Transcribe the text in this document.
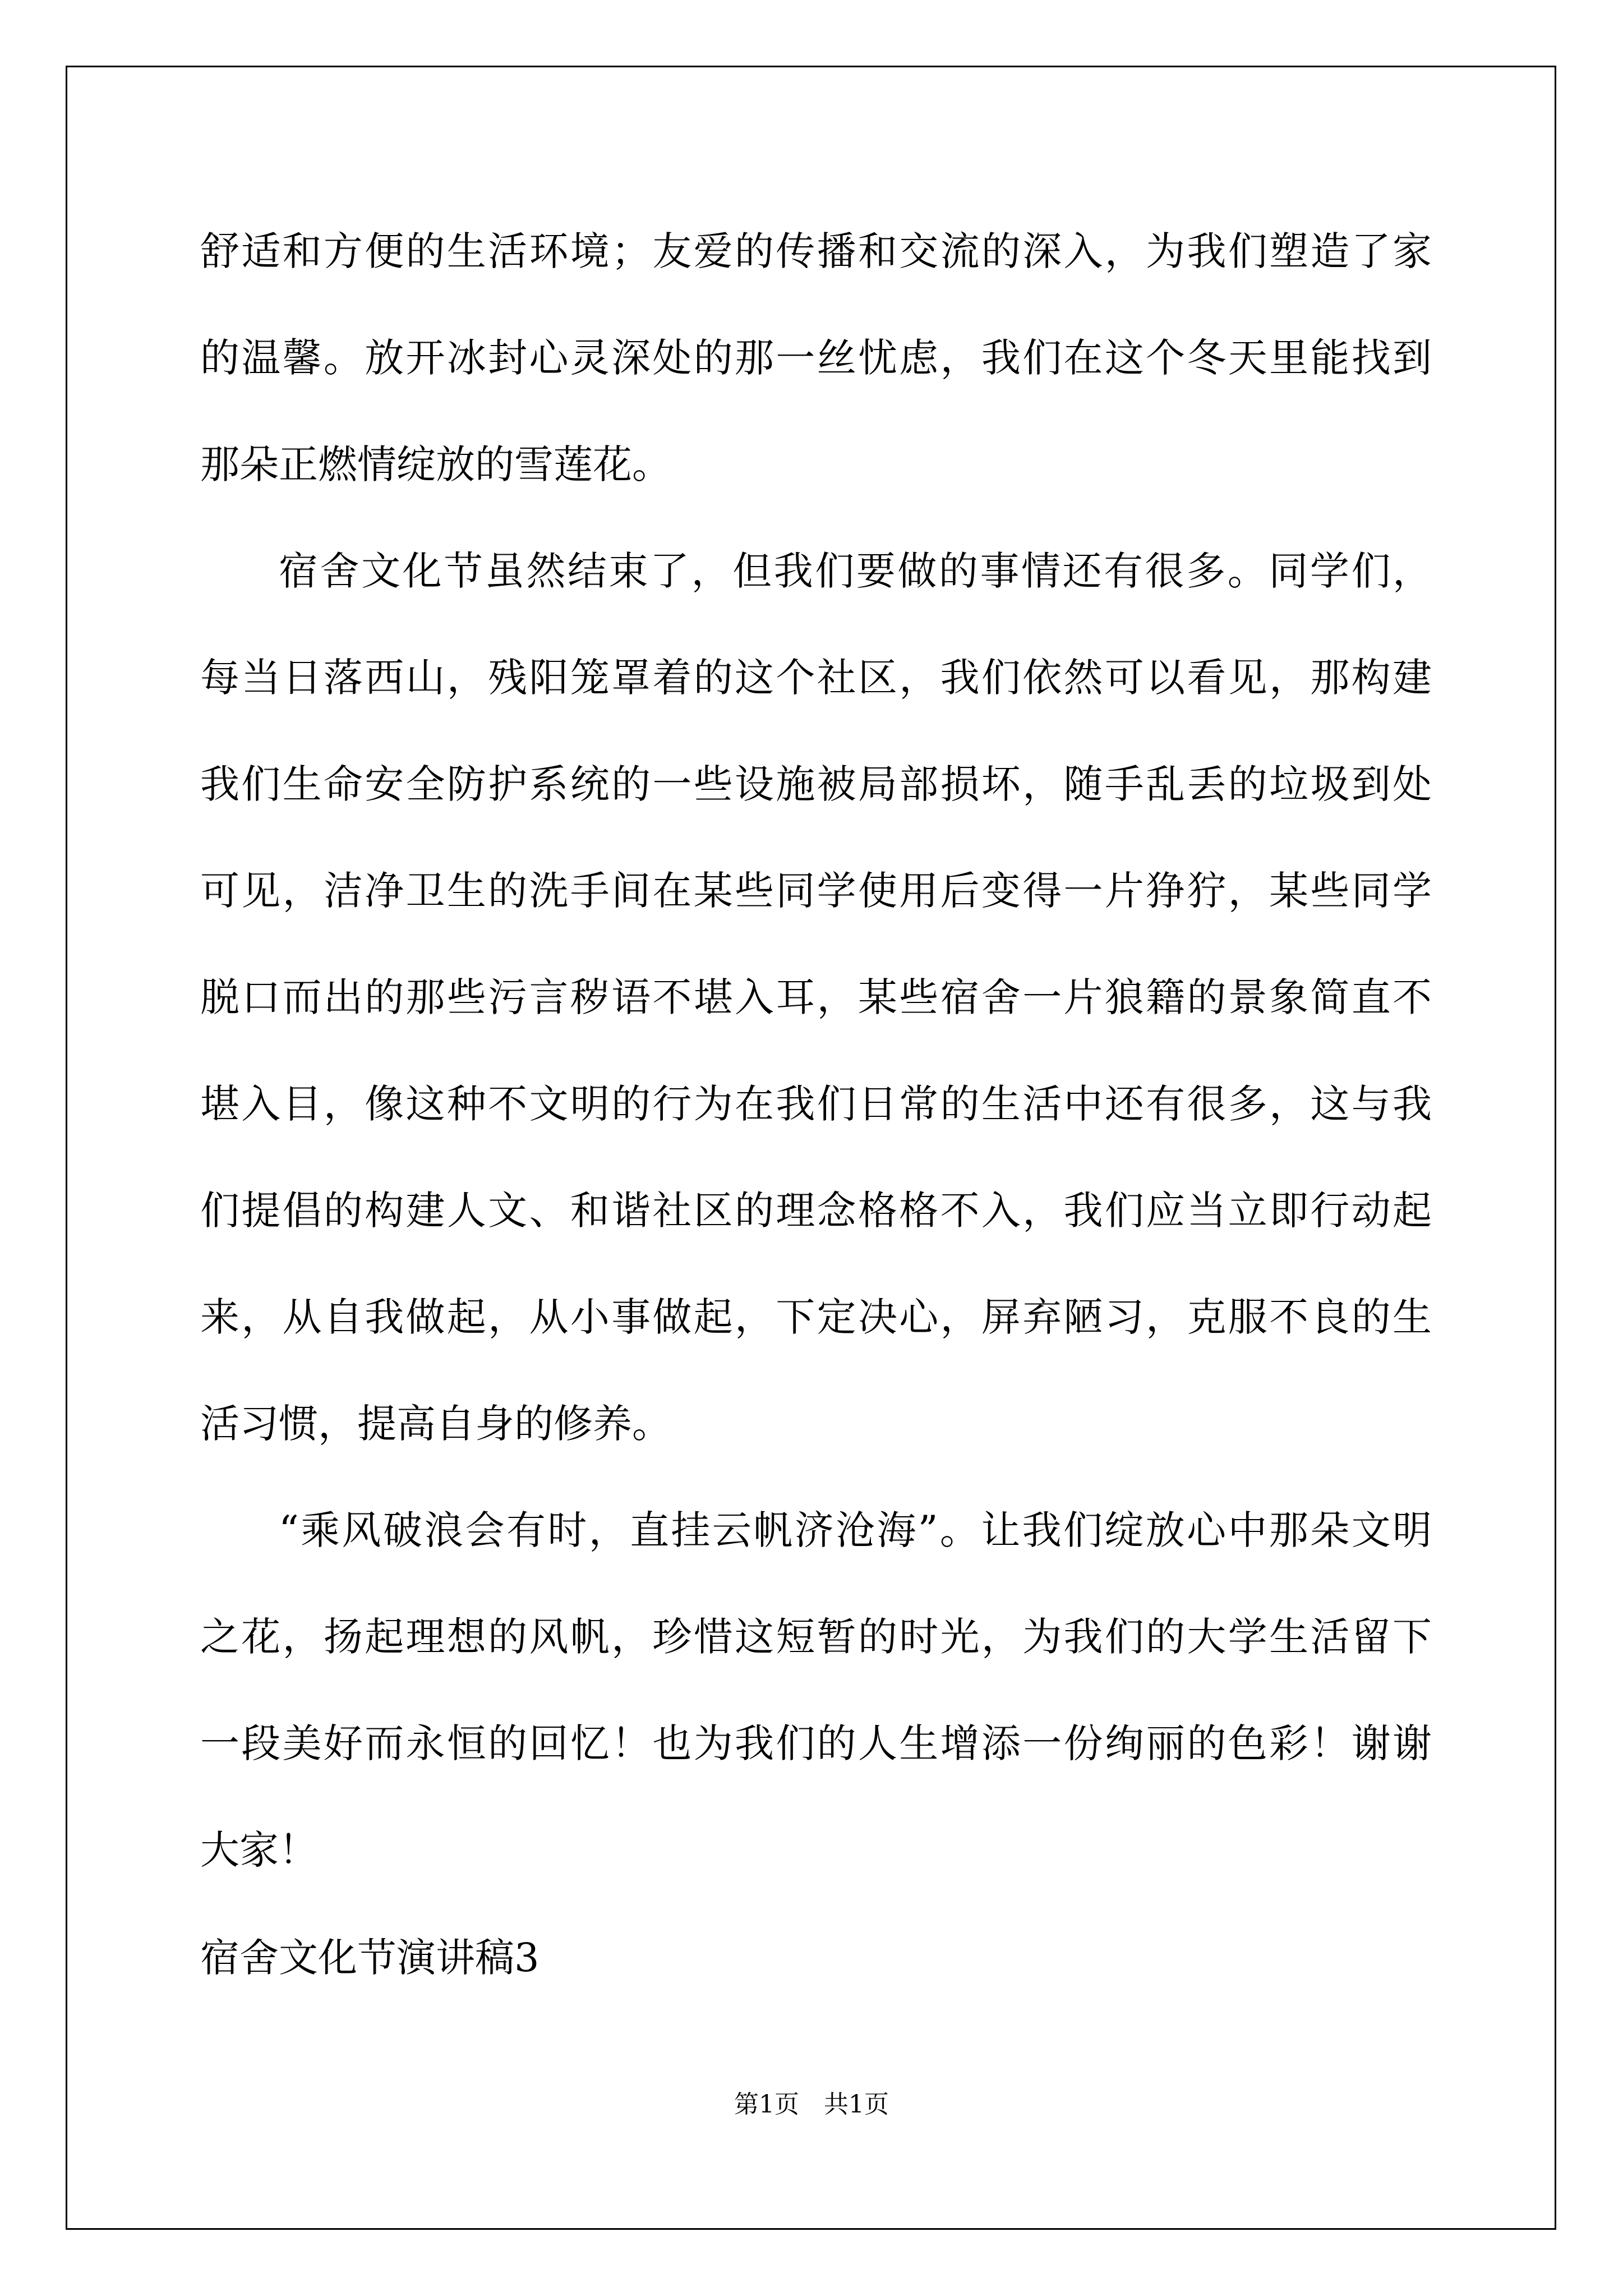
舒适和方便的生活环境；友爱的传播和交流的深入，为我们塑造了家
的温馨。放开冰封心灵深处的那一丝忧虑，我们在这个冬天里能找到
那朵正燃情绽放的雪莲花。
宿舍文化节虽然结束了，但我们要做的事情还有很多。同学们，
每当日落西山，残阳笼罩着的这个社区，我们依然可以看见，那构建
我们生命安全防护系统的一些设施被局部损坏，随手乱丢的垃圾到处
可见，洁净卫生的洗手间在某些同学使用后变得一片狰狞，某些同学
脱口而出的那些污言秽语不堪入耳，某些宿舍一片狼籍的景象简直不
堪入目，像这种不文明的行为在我们日常的生活中还有很多，这与我
们提倡的构建人文、和谐社区的理念格格不入，我们应当立即行动起
来，从自我做起，从小事做起，下定决心，屏弃陋习，克服不良的生
活习惯，提高自身的修养。
“乘风破浪会有时，直挂云帆济沧海”。让我们绽放心中那朵文明
之花，扬起理想的风帆，珍惜这短暂的时光，为我们的大学生活留下
一段美好而永恒的回忆！也为我们的人生增添一份绚丽的色彩！谢谢
大家！
宿舍文化节演讲稿3
第1页　共1页
